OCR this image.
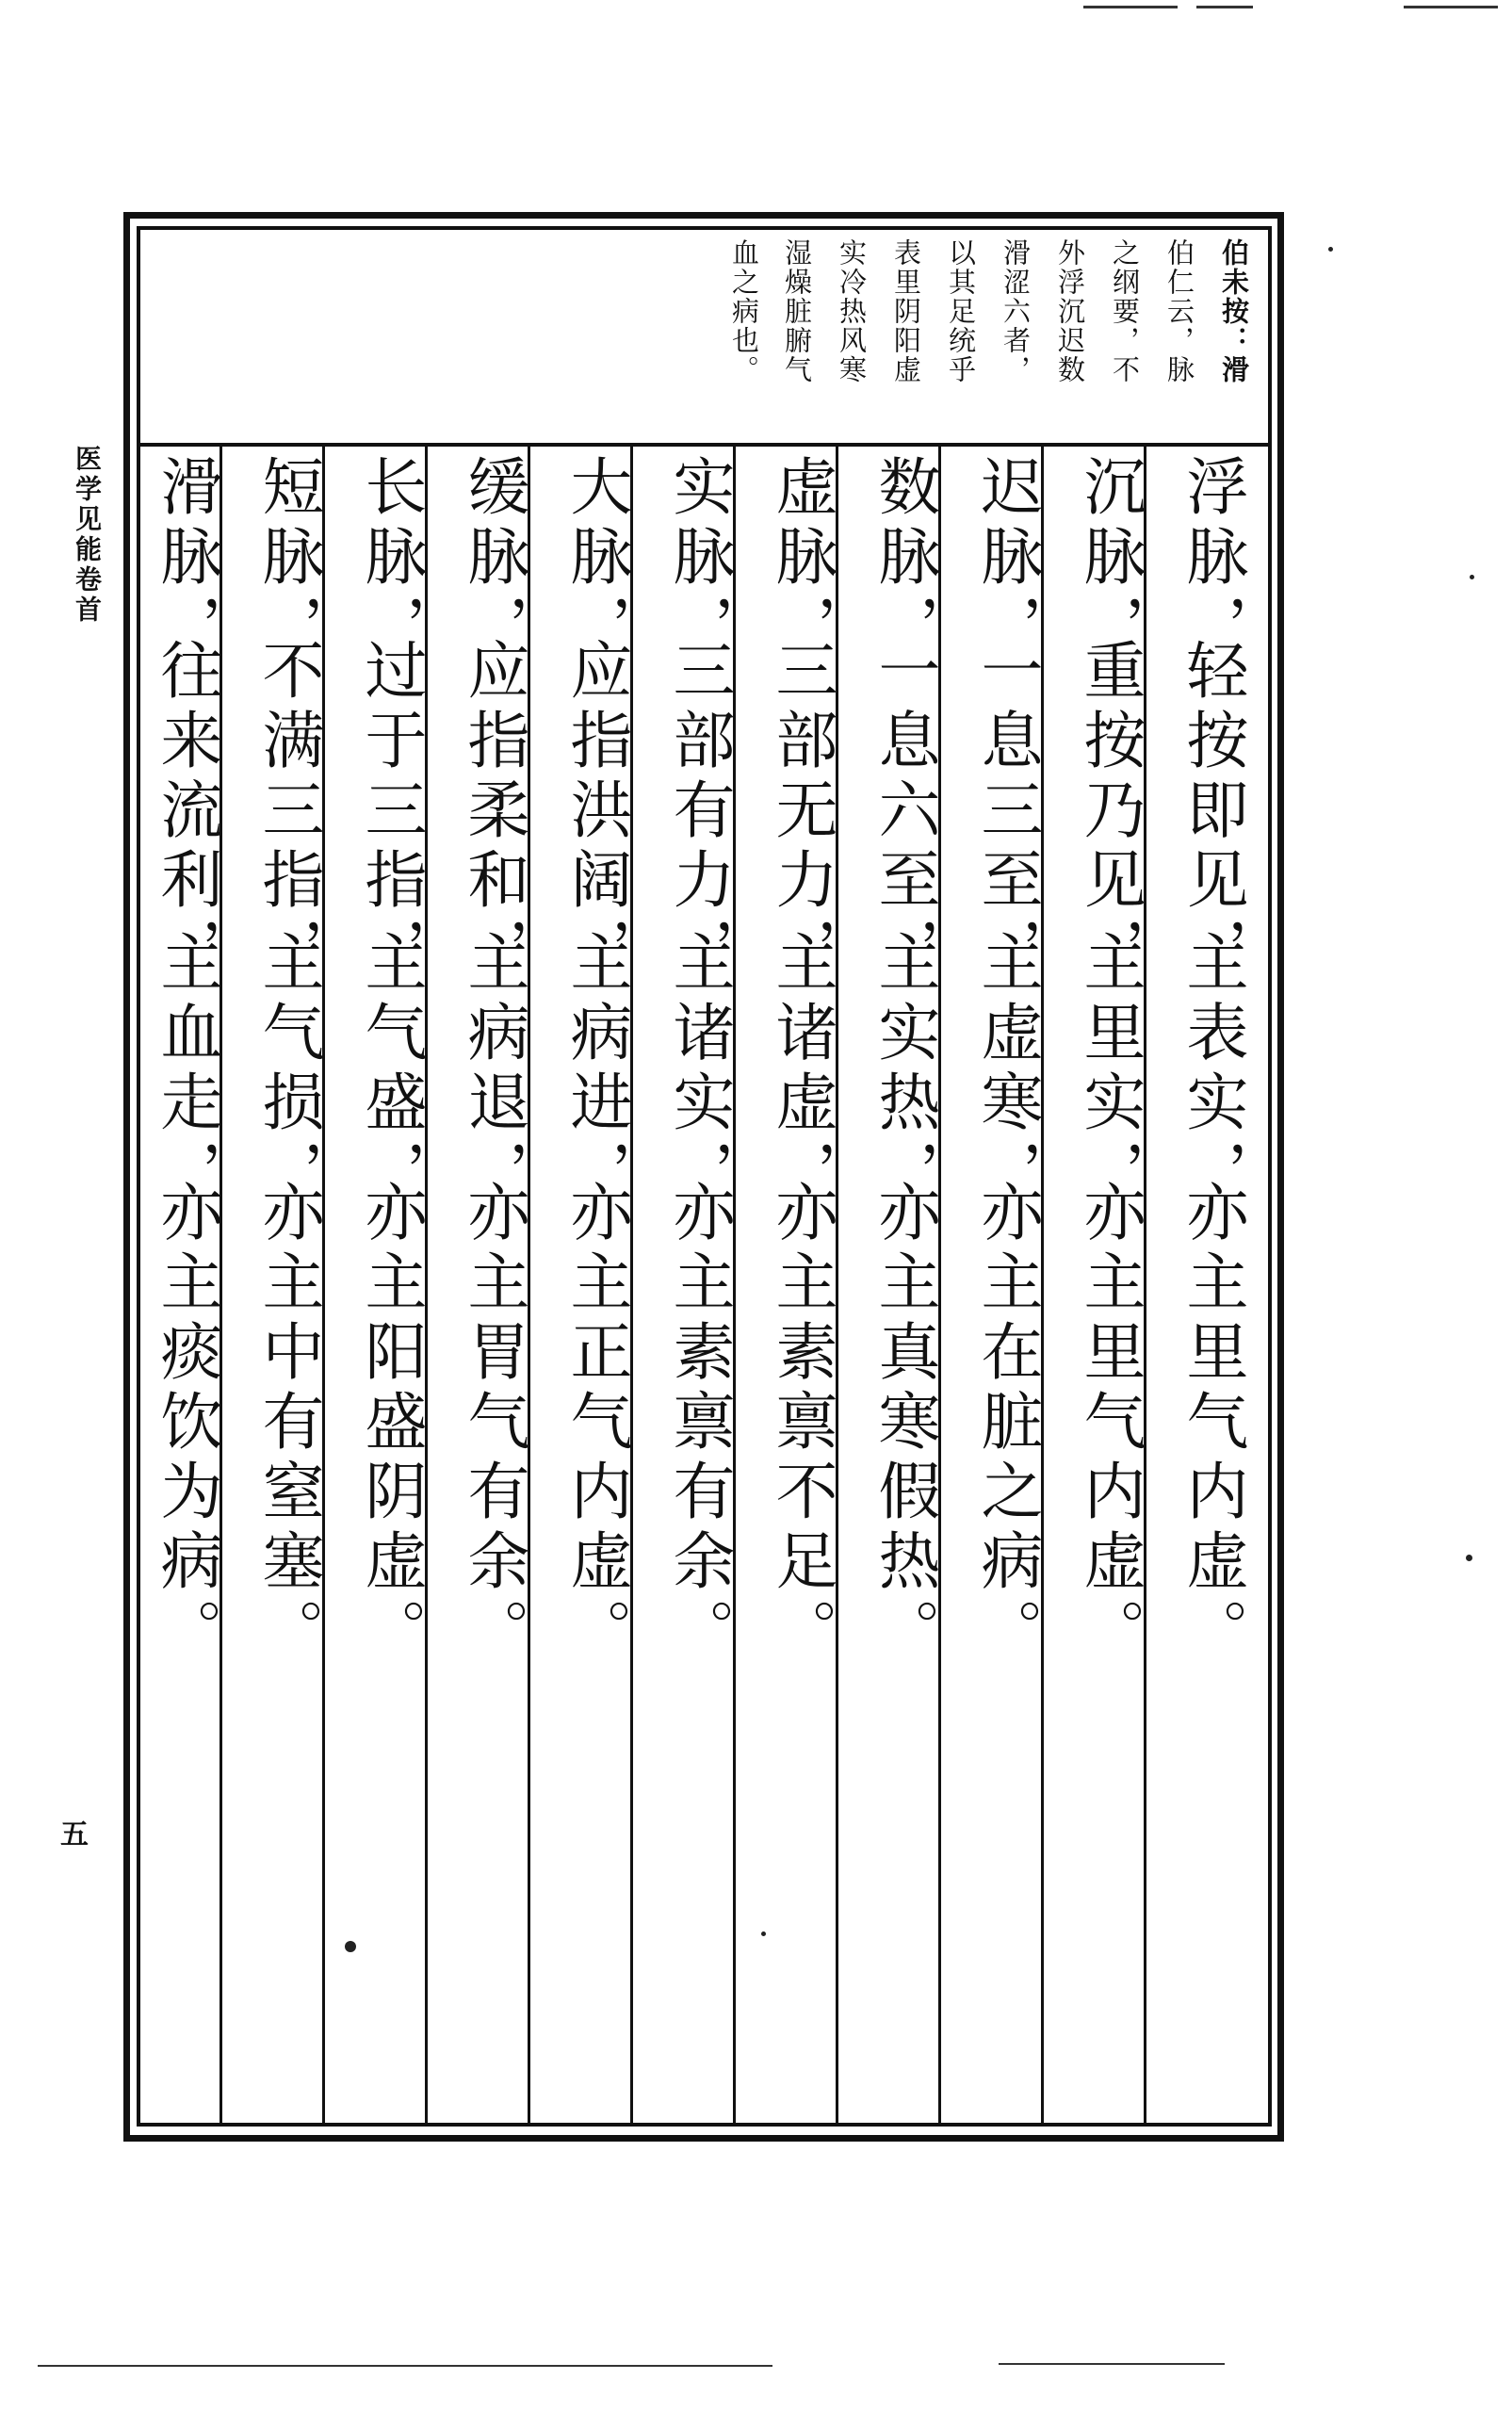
医学见能卷首
五
伯未按：滑
伯仁云，脉
之纲要，不
外浮沉迟数
滑涩六者，
以其足统乎
表里阴阳虚
实冷热风寒
湿燥脏腑气
血之病也。
浮脉，
轻按即见，
主表实，
亦主里气内虚。
沉脉，
重按乃见，
主里实，
亦主里气内虚。
迟脉，
一息三至，
主虚寒，
亦主在脏之病。
数脉，
一息六至，
主实热，
亦主真寒假热。
虚脉，
三部无力，
主诸虚，
亦主素禀不足。
实脉，
三部有力，
主诸实，
亦主素禀有余。
大脉，
应指洪阔，
主病进，
亦主正气内虚。
缓脉，
应指柔和，
主病退，
亦主胃气有余。
长脉，
过于三指，
主气盛，
亦主阳盛阴虚。
短脉，
不满三指，
主气损，
亦主中有窒塞。
滑脉，
往来流利，
主血走，
亦主痰饮为病。
